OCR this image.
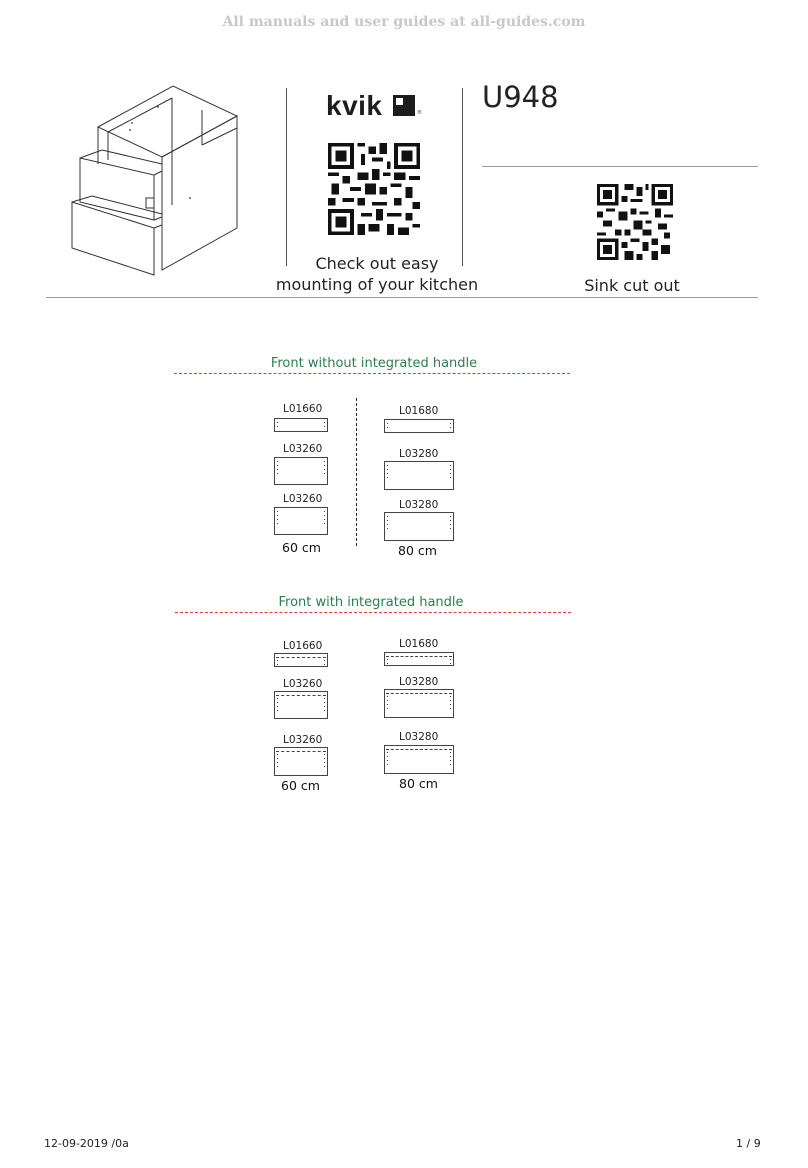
All manuals and user guides at all-guides.com
kvik	® U948
Check out easy
mounting of your kitchen	Sink cut out
Front without integrated handle
L01660
L03260
L03260
60 cm
L01680
L03280
L03280
80 cm
Front with integrated handle
L01660
L03260
L03260
60 cm
L01680
L03280
L03280
80 cm
12-09-2019 /0a	1 / 9
